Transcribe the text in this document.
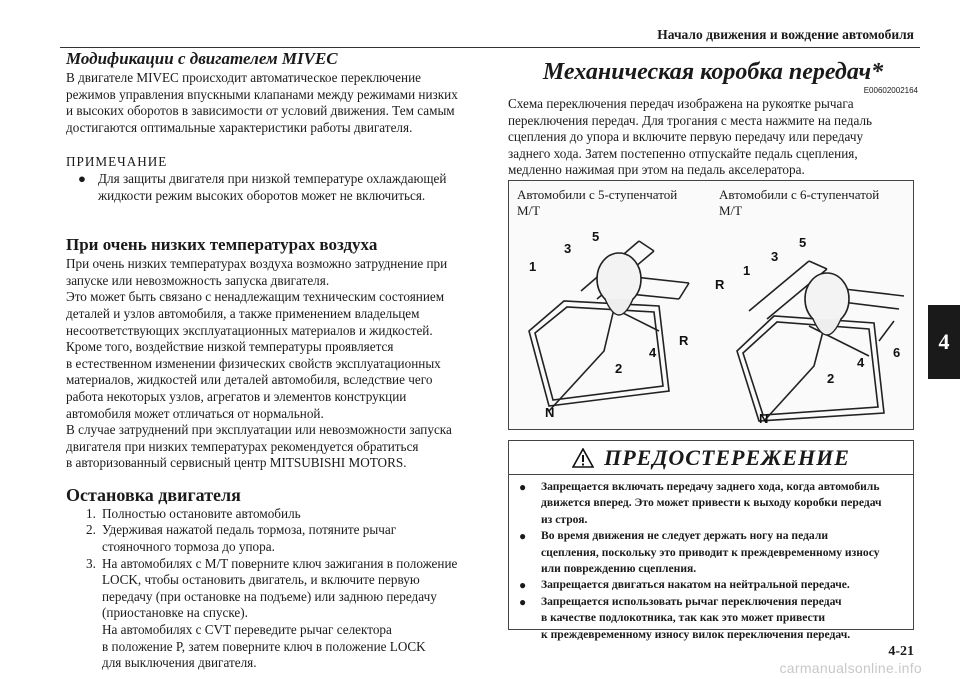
Начало движения и вождение автомобиля
Модификации с двигателем MIVEC
В двигателе MIVEC происходит автоматическое переключение
режимов управления впускными клапанами между режимами низких
и высоких оборотов в зависимости от условий движения. Тем самым
достигаются оптимальные характеристики работы двигателя.
ПРИМЕЧАНИЕ
● Для защиты двигателя при низкой температуре охлаждающей
жидкости режим высоких оборотов может не включиться.
При очень низких температурах воздуха
При очень низких температурах воздуха возможно затруднение при
запуске или невозможность запуска двигателя.
Это может быть связано с ненадлежащим техническим состоянием
деталей и узлов автомобиля, а также применением владельцем
несоответствующих эксплуатационных материалов и жидкостей.
Кроме того, воздействие низкой температуры проявляется
в естественном изменении физических свойств эксплуатационных
материалов, жидкостей или деталей автомобиля, вследствие чего
работа некоторых узлов, агрегатов и элементов конструкции
автомобиля может отличаться от нормальной.
В случае затруднений при эксплуатации или невозможности запуска
двигателя при низких температурах рекомендуется обратиться
в авторизованный сервисный центр MITSUBISHI MOTORS.
Остановка двигателя
1. Полностью остановите автомобиль
2. Удерживая нажатой педаль тормоза, потяните рычаг
стояночного тормоза до упора.
3. На автомобилях с M/T поверните ключ зажигания в положение
LOCK, чтобы остановить двигатель, и включите первую
передачу (при остановке на подъеме) или заднюю передачу
(приостановке на спуске).
На автомобилях с CVT переведите рычаг селектора
в положение P, затем поверните ключ в положение LOCK
для выключения двигателя.
Механическая коробка передач*
E00602002164
Схема переключения передач изображена на рукоятке рычага
переключения передач. Для трогания с места нажмите на педаль
сцепления до упора и включите первую передачу или передачу
заднего хода. Затем постепенно отпускайте педаль сцепления,
медленно нажимая при этом на педаль акселератора.
Автомобили с 5-ступенчатой
M/T
Автомобили с 6-ступенчатой
M/T
1
3
5
R
4
2
N
R
1
3
5
6
4
2
N
ПРЕДОСТЕРЕЖЕНИЕ
● Запрещается включать передачу заднего хода, когда автомобиль
движется вперед. Это может привести к выходу коробки передач
из строя.
● Во время движения не следует держать ногу на педали
сцепления, поскольку это приводит к преждевременному износу
или повреждению сцепления.
● Запрещается двигаться накатом на нейтральной передаче.
● Запрещается использовать рычаг переключения передач
в качестве подлокотника, так как это может привести
к преждевременному износу вилок переключения передач.
4
4-21
carmanualsonline.info
